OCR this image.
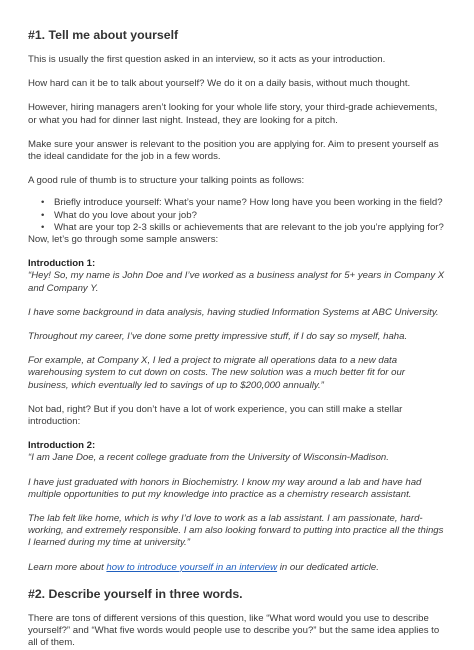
#1. Tell me about yourself

This is usually the first question asked in an interview, so it acts as your introduction.

How hard can it be to talk about yourself? We do it on a daily basis, without much thought.

However, hiring managers aren’t looking for your whole life story, your third-grade achievements, or what you had for dinner last night. Instead, they are looking for a pitch.

Make sure your answer is relevant to the position you are applying for. Aim to present yourself as the ideal candidate for the job in a few words.

A good rule of thumb is to structure your talking points as follows:

• Briefly introduce yourself: What’s your name? How long have you been working in the field?
• What do you love about your job?
• What are your top 2-3 skills or achievements that are relevant to the job you’re applying for?

Now, let’s go through some sample answers:

Introduction 1:

“Hey! So, my name is John Doe and I’ve worked as a business analyst for 5+ years in Company X and Company Y.

I have some background in data analysis, having studied Information Systems at ABC University.

Throughout my career, I’ve done some pretty impressive stuff, if I do say so myself, haha.

For example, at Company X, I led a project to migrate all operations data to a new data warehousing system to cut down on costs. The new solution was a much better fit for our business, which eventually led to savings of up to $200,000 annually.”

Not bad, right? But if you don’t have a lot of work experience, you can still make a stellar introduction:

Introduction 2:

“I am Jane Doe, a recent college graduate from the University of Wisconsin-Madison.

I have just graduated with honors in Biochemistry. I know my way around a lab and have had multiple opportunities to put my knowledge into practice as a chemistry research assistant.

The lab felt like home, which is why I’d love to work as a lab assistant. I am passionate, hard-working, and extremely responsible. I am also looking forward to putting into practice all the things I learned during my time at university.”

Learn more about how to introduce yourself in an interview in our dedicated article.

#2. Describe yourself in three words.

There are tons of different versions of this question, like “What word would you use to describe yourself?” and “What five words would people use to describe you?” but the same idea applies to all of them.
